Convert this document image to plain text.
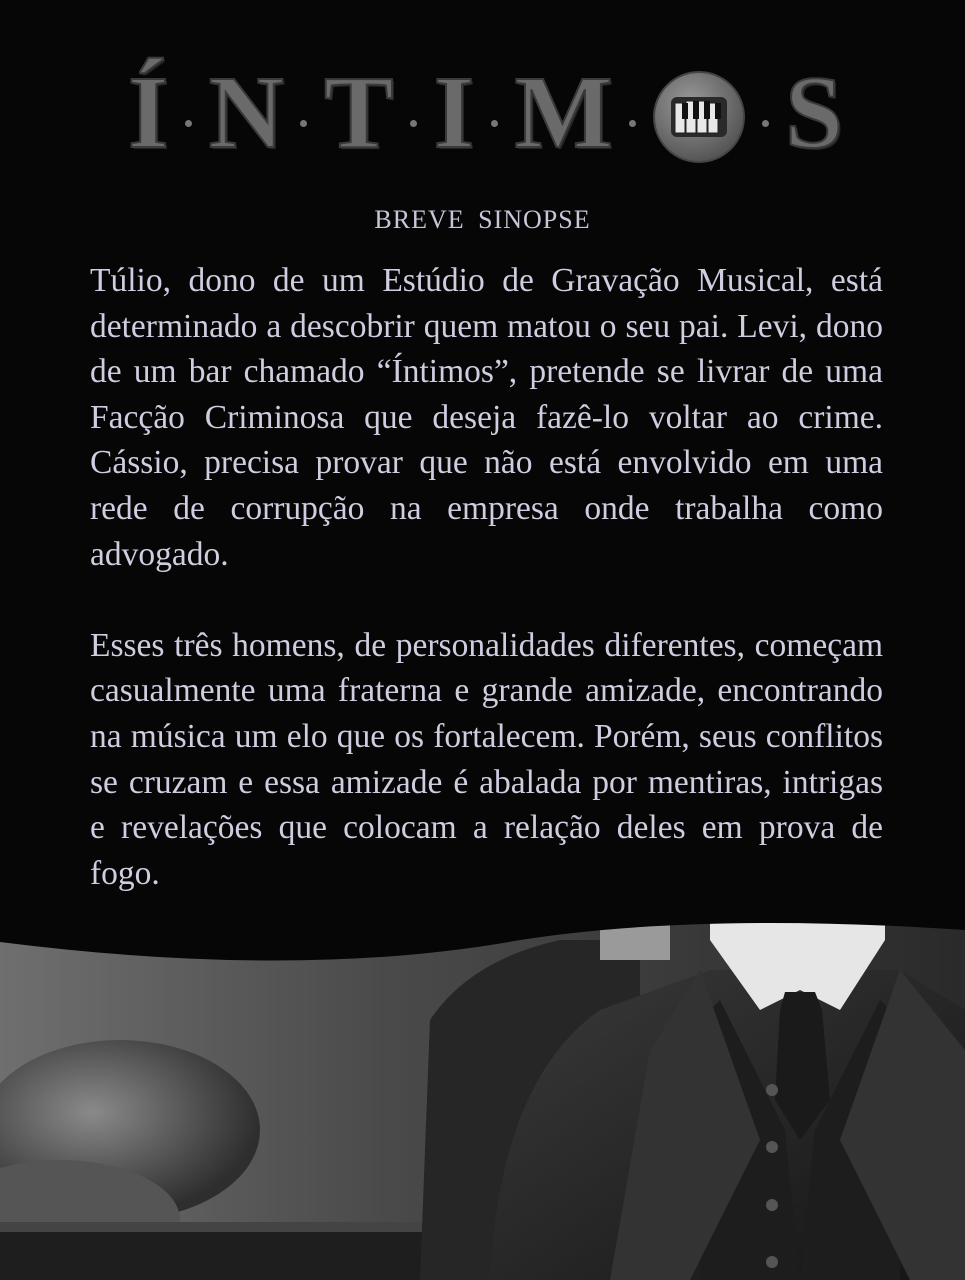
Í N T I M S
BREVE SINOPSE

Túlio, dono de um Estúdio de Gravação Musical, está determinado a descobrir quem matou o seu pai. Levi, dono de um bar chamado “Íntimos”, pretende se livrar de uma Facção Criminosa que deseja fazê-lo voltar ao crime. Cássio, precisa provar que não está envolvido em uma rede de corrupção na empresa onde trabalha como advogado.

Esses três homens, de personalidades diferentes, começam casualmente uma fraterna e grande amizade, encontrando na música um elo que os fortalecem. Porém, seus conflitos se cruzam e essa amizade é abalada por mentiras, intrigas e revelações que colocam a relação deles em prova de fogo.
